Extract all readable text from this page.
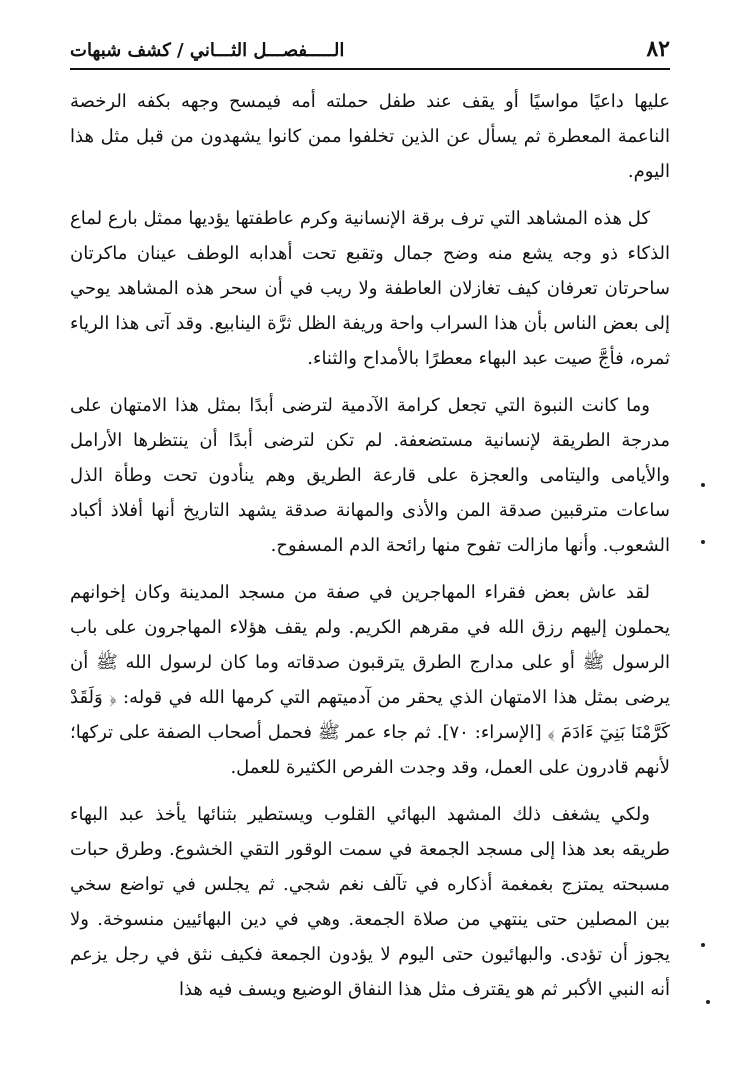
٨٢
الـــــفصـــل الثـــاني / كشف شبهات

عليها داعيًا مواسيًا أو يقف عند طفل حملته أمه فيمسح وجهه بكفه الرخصة الناعمة المعطرة ثم يسأل عن الذين تخلفوا ممن كانوا يشهدون من قبل مثل هذا اليوم.

كل هذه المشاهد التي ترف برقة الإنسانية وكرم عاطفتها يؤديها ممثل بارع لماع الذكاء ذو وجه يشع منه وضح جمال وتقبع تحت أهدابه الوطف عينان ماكرتان ساحرتان تعرفان كيف تغازلان العاطفة ولا ريب في أن سحر هذه المشاهد يوحي إلى بعض الناس بأن هذا السراب واحة وريفة الظل ثرَّة الينابيع. وقد آتى هذا الرياء ثمره، فأجَّ صيت عبد البهاء معطرًا بالأمداح والثناء.

وما كانت النبوة التي تجعل كرامة الآدمية لترضى أبدًا بمثل هذا الامتهان على مدرجة الطريقة لإنسانية مستضعفة. لم تكن لترضى أبدًا أن ينتظرها الأرامل والأيامى واليتامى والعجزة على قارعة الطريق وهم ينأدون تحت وطأة الذل ساعات مترقبين صدقة المن والأذى والمهانة صدقة يشهد التاريخ أنها أفلاذ أكباد الشعوب. وأنها مازالت تفوح منها رائحة الدم المسفوح.

لقد عاش بعض فقراء المهاجرين في صفة من مسجد المدينة وكان إخوانهم يحملون إليهم رزق الله في مقرهم الكريم. ولم يقف هؤلاء المهاجرون على باب الرسول ﷺ أو على مدارج الطرق يترقبون صدقاته وما كان لرسول الله ﷺ أن يرضى بمثل هذا الامتهان الذي يحقر من آدميتهم التي كرمها الله في قوله: ﴿ وَلَقَدْ كَرَّمْنَا بَنِيٓ ءَادَمَ ﴾ [الإسراء: ٧٠]. ثم جاء عمر ﷺ فحمل أصحاب الصفة على تركها؛ لأنهم قادرون على العمل، وقد وجدت الفرص الكثيرة للعمل.

ولكي يشغف ذلك المشهد البهائي القلوب ويستطير بثنائها يأخذ عبد البهاء طريقه بعد هذا إلى مسجد الجمعة في سمت الوقور التقي الخشوع. وطرق حبات مسبحته يمتزج بغمغمة أذكاره في تآلف نغم شجي. ثم يجلس في تواضع سخي بين المصلين حتى ينتهي من صلاة الجمعة. وهي في دين البهائيين منسوخة. ولا يجوز أن تؤدى. والبهائيون حتى اليوم لا يؤدون الجمعة فكيف نثق في رجل يزعم أنه النبي الأكبر ثم هو يقترف مثل هذا النفاق الوضيع ويسف فيه هذا
